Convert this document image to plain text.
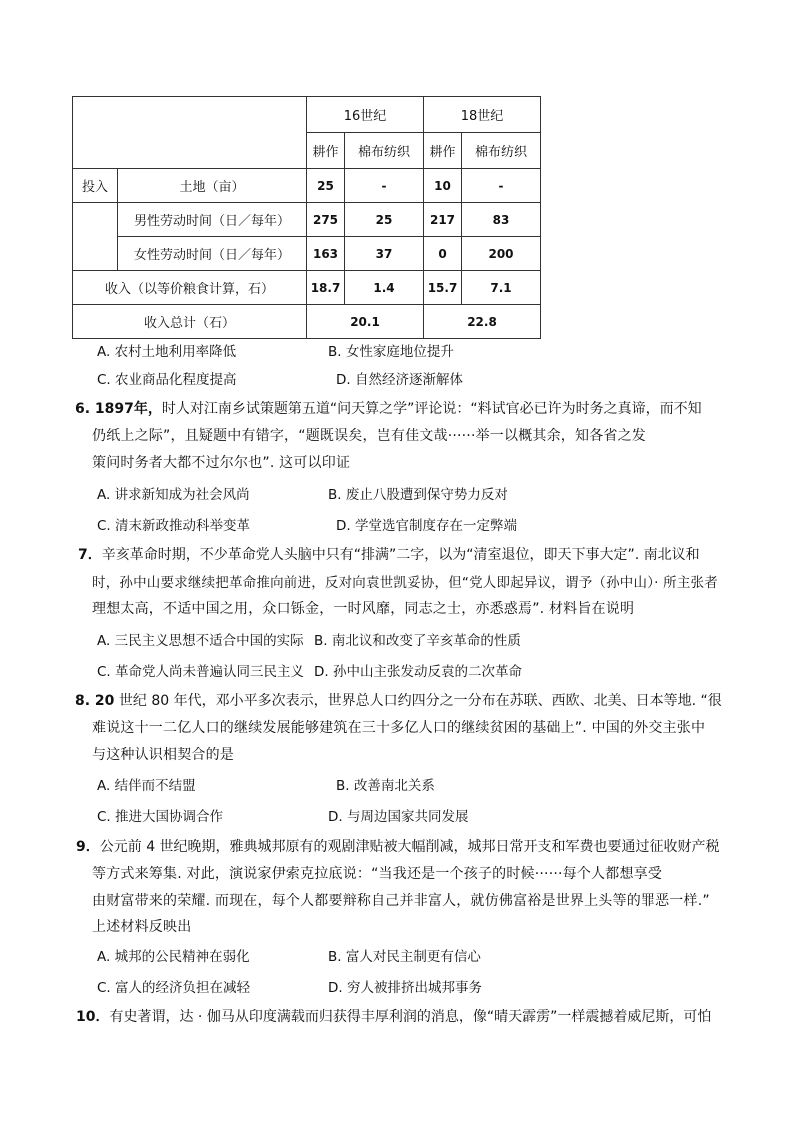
		16世纪		18世纪	
		耕作	棉布纺织	耕作	棉布纺织
投入	土地（亩）	25	-	10	-
	男性劳动时间（日／每年）	275	25	217	83
	女性劳动时间（日／每年）	163	37	0	200
收入（以等价粮食计算，石）		18.7	1.4	15.7	7.1
收入总计（石）		20.1		22.8	
A. 农村土地利用率降低	B. 女性家庭地位提升
C. 农业商品化程度提高	D. 自然经济逐渐解体
6. 1897年，时人对江南乡试策题第五道“问天算之学”评论说：“料试官必已许为时务之真谛，而不知
仍纸上之际”，且疑题中有错字，“题既误矣，岂有佳文哉······举一以概其余，知各省之发
策问时务者大都不过尔尔也”. 这可以印证
A. 讲求新知成为社会风尚	B. 废止八股遭到保守势力反对
C. 清末新政推动科举变革	D. 学堂选官制度存在一定弊端
7．辛亥革命时期，不少革命党人头脑中只有“排满”二字，以为“清室退位，即天下事大定”. 南北议和
时，孙中山要求继续把革命推向前进，反对向袁世凯妥协，但“党人即起异议，谓予（孙中山）· 所主张者
理想太高，不适中国之用，众口铄金，一时风靡，同志之士，亦悉惑焉”. 材料旨在说明
A. 三民主义思想不适合中国的实际 B. 南北议和改变了辛亥革命的性质
C. 革命党人尚未普遍认同三民主义 D. 孙中山主张发动反袁的二次革命
8. 20 世纪 80 年代，邓小平多次表示，世界总人口约四分之一分布在苏联、西欧、北美、日本等地. “很
难说这十一二亿人口的继续发展能够建筑在三十多亿人口的继续贫困的基础上”. 中国的外交主张中
与这种认识相契合的是
A. 结伴而不结盟	B. 改善南北关系
C. 推进大国协调合作	D. 与周边国家共同发展
9．公元前 4 世纪晚期，雅典城邦原有的观剧津贴被大幅削减，城邦日常开支和军费也要通过征收财产税
等方式来筹集. 对此，演说家伊索克拉底说：“当我还是一个孩子的时候······每个人都想享受
由财富带来的荣耀. 而现在，每个人都要辩称自己并非富人，就仿佛富裕是世界上头等的罪恶一样.”
上述材料反映出
A. 城邦的公民精神在弱化	B. 富人对民主制更有信心
C. 富人的经济负担在减轻	D. 穷人被排挤出城邦事务
10．有史著谓，达 · 伽马从印度满载而归获得丰厚利润的消息，像“晴天霹雳”一样震撼着威尼斯，可怕
